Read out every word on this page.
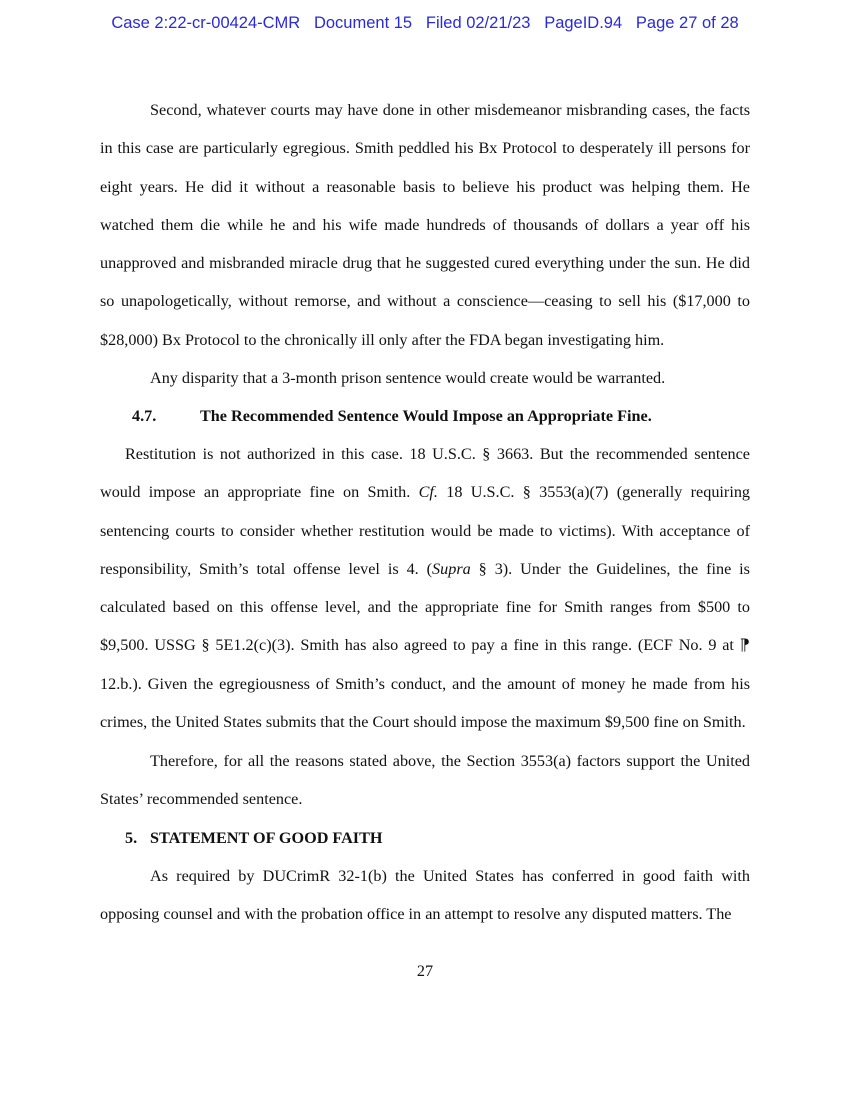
Case 2:22-cr-00424-CMR   Document 15   Filed 02/21/23   PageID.94   Page 27 of 28

Second, whatever courts may have done in other misdemeanor misbranding cases, the facts in this case are particularly egregious. Smith peddled his Bx Protocol to desperately ill persons for eight years. He did it without a reasonable basis to believe his product was helping them. He watched them die while he and his wife made hundreds of thousands of dollars a year off his unapproved and misbranded miracle drug that he suggested cured everything under the sun. He did so unapologetically, without remorse, and without a conscience—ceasing to sell his ($17,000 to $28,000) Bx Protocol to the chronically ill only after the FDA began investigating him.

Any disparity that a 3-month prison sentence would create would be warranted.

4.7.	The Recommended Sentence Would Impose an Appropriate Fine.

Restitution is not authorized in this case. 18 U.S.C. § 3663. But the recommended sentence would impose an appropriate fine on Smith. Cf. 18 U.S.C. § 3553(a)(7) (generally requiring sentencing courts to consider whether restitution would be made to victims). With acceptance of responsibility, Smith’s total offense level is 4. (Supra § 3). Under the Guidelines, the fine is calculated based on this offense level, and the appropriate fine for Smith ranges from $500 to $9,500. USSG § 5E1.2(c)(3). Smith has also agreed to pay a fine in this range. (ECF No. 9 at ⁋ 12.b.). Given the egregiousness of Smith’s conduct, and the amount of money he made from his crimes, the United States submits that the Court should impose the maximum $9,500 fine on Smith.

Therefore, for all the reasons stated above, the Section 3553(a) factors support the United States’ recommended sentence.

5. STATEMENT OF GOOD FAITH

As required by DUCrimR 32-1(b) the United States has conferred in good faith with opposing counsel and with the probation office in an attempt to resolve any disputed matters. The

27
